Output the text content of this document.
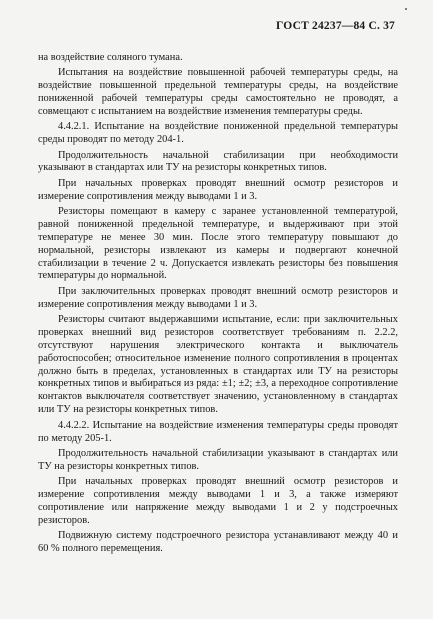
ГОСТ 24237—84 С. 37

на воздействие соляного тумана.

Испытания на воздействие повышенной рабочей температуры среды, на воздействие повышенной предельной температуры среды, на воздействие пониженной рабочей температуры среды самостоятельно не проводят, а совмещают с испытанием на воздействие изменения температуры среды.

4.4.2.1. Испытание на воздействие пониженной предельной температуры среды проводят по методу 204-1.

Продолжительность начальной стабилизации при необходимости указывают в стандартах или ТУ на резисторы конкретных типов.

При начальных проверках проводят внешний осмотр резисторов и измерение сопротивления между выводами 1 и 3.

Резисторы помещают в камеру с заранее установленной температурой, равной пониженной предельной температуре, и выдерживают при этой температуре не менее 30 мин. После этого температуру повышают до нормальной, резисторы извлекают из камеры и подвергают конечной стабилизации в течение 2 ч. Допускается извлекать резисторы без повышения температуры до нормальной.

При заключительных проверках проводят внешний осмотр резисторов и измерение сопротивления между выводами 1 и 3.

Резисторы считают выдержавшими испытание, если: при заключительных проверках внешний вид резисторов соответствует требованиям п. 2.2.2, отсутствуют нарушения электрического контакта и выключатель работоспособен; относительное изменение полного сопротивления в процентах должно быть в пределах, установленных в стандартах или ТУ на резисторы конкретных типов и выбираться из ряда: ±1; ±2; ±3, а переходное сопротивление контактов выключателя соответствует значению, установленному в стандартах или ТУ на резисторы конкретных типов.

4.4.2.2. Испытание на воздействие изменения температуры среды проводят по методу 205-1.

Продолжительность начальной стабилизации указывают в стандартах или ТУ на резисторы конкретных типов.

При начальных проверках проводят внешний осмотр резисторов и измерение сопротивления между выводами 1 и 3, а также измеряют сопротивление или напряжение между выводами 1 и 2 у подстроечных резисторов.

Подвижную систему подстроечного резистора устанавливают между 40 и 60 % полного перемещения.
